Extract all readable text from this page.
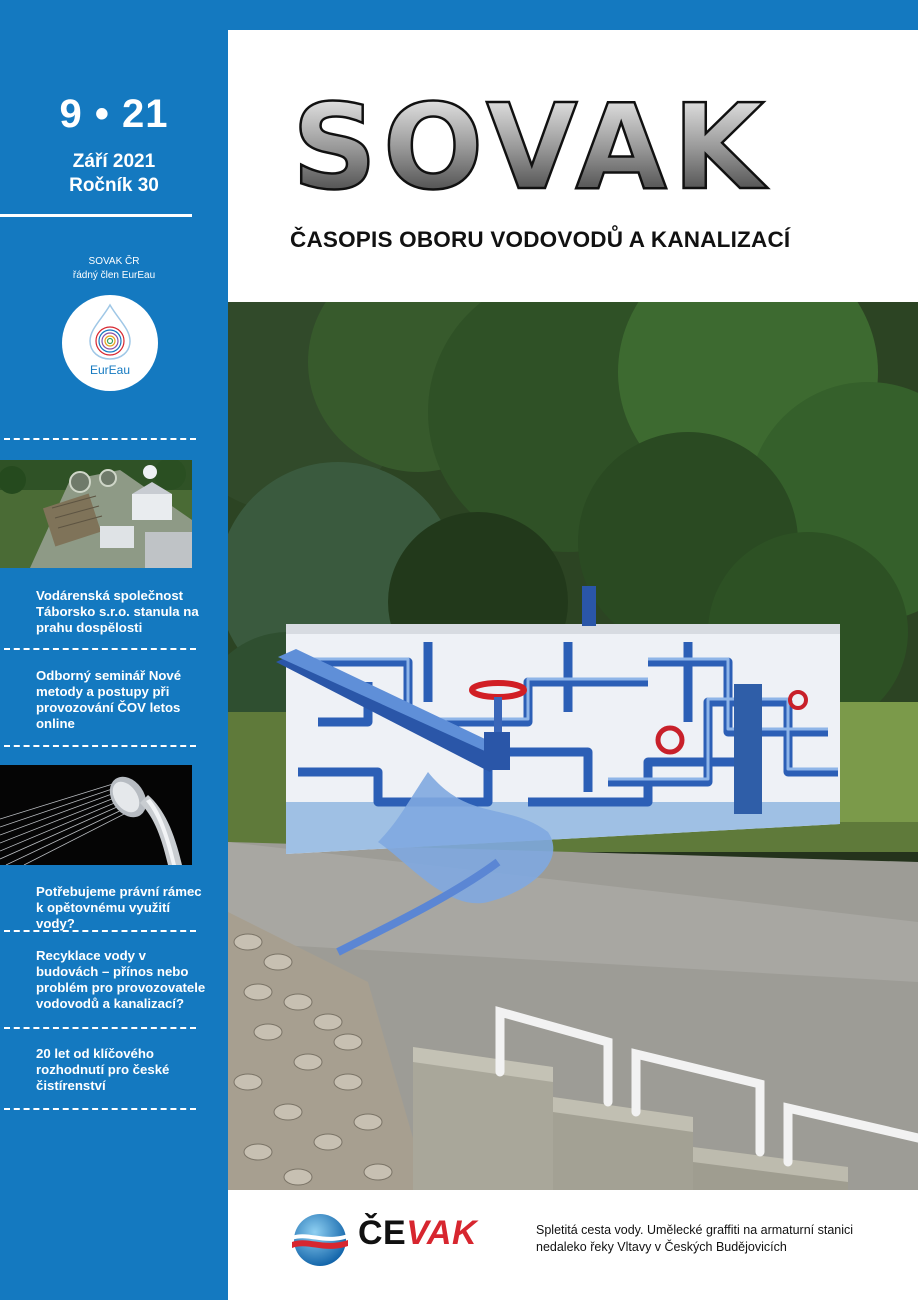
9 • 21
Září 2021
Ročník 30
SOVAK ČR
řádný člen EurEau
EurEau
Vodárenská společnost Táborsko s.r.o. stanula na prahu dospělosti
Odborný seminář Nové metody a postupy při provozování ČOV letos online
Potřebujeme právní rámec k opětovnému využití vody?
Recyklace vody v budovách – přínos nebo problém pro provozovatele vodovodů a kanalizací?
20 let od klíčového rozhodnutí pro české čistírenství
SOVAK
ČASOPIS OBORU VODOVODŮ A KANALIZACÍ
ČEVAK	Spletitá cesta vody. Umělecké graffiti na armaturní stanici nedaleko řeky Vltavy v Českých Budějovicích
